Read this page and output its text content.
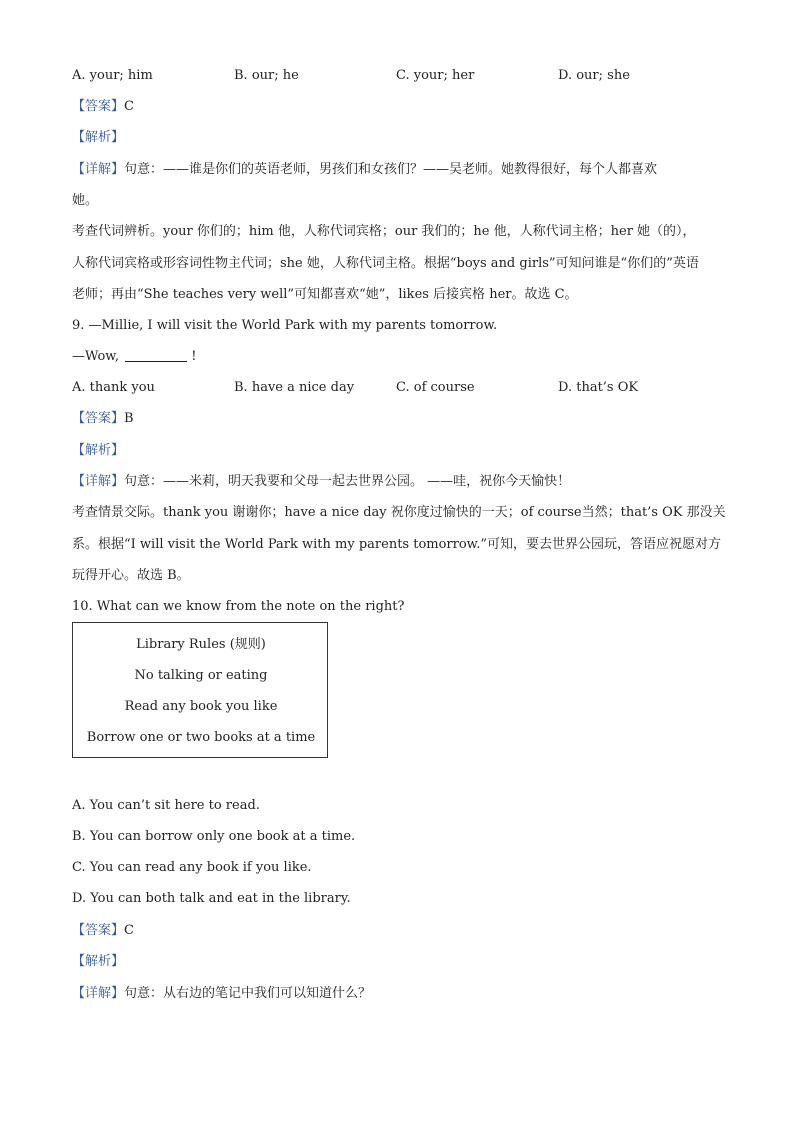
A. your; him	B. our; he	C. your; her	D. our; she
【答案】C
【解析】
【详解】句意：——谁是你们的英语老师，男孩们和女孩们？——吴老师。她教得很好，每个人都喜欢
她。
考查代词辨析。your 你们的；him 他，人称代词宾格；our 我们的；he 他，人称代词主格；her 她（的），
人称代词宾格或形容词性物主代词；she 她，人称代词主格。根据“boys and girls”可知问谁是“你们的”英语
老师；再由“She teaches very well”可知都喜欢“她”，likes 后接宾格 her。故选 C。
9. —Millie, I will visit the World Park with my parents tomorrow.
—Wow,	!
A. thank you	B. have a nice day	C. of course	D. that’s OK
【答案】B
【解析】
【详解】句意：——米莉，明天我要和父母一起去世界公园。 ——哇，祝你今天愉快！
考查情景交际。thank you 谢谢你；have a nice day 祝你度过愉快的一天；of course当然；that’s OK 那没关
系。根据“I will visit the World Park with my parents tomorrow.”可知，要去世界公园玩，答语应祝愿对方
玩得开心。故选 B。
10. What can we know from the note on the right?
Library Rules (规则)
No talking or eating
Read any book you like
Borrow one or two books at a time
A. You can’t sit here to read.
B. You can borrow only one book at a time.
C. You can read any book if you like.
D. You can both talk and eat in the library.
【答案】C
【解析】
【详解】句意：从右边的笔记中我们可以知道什么？
